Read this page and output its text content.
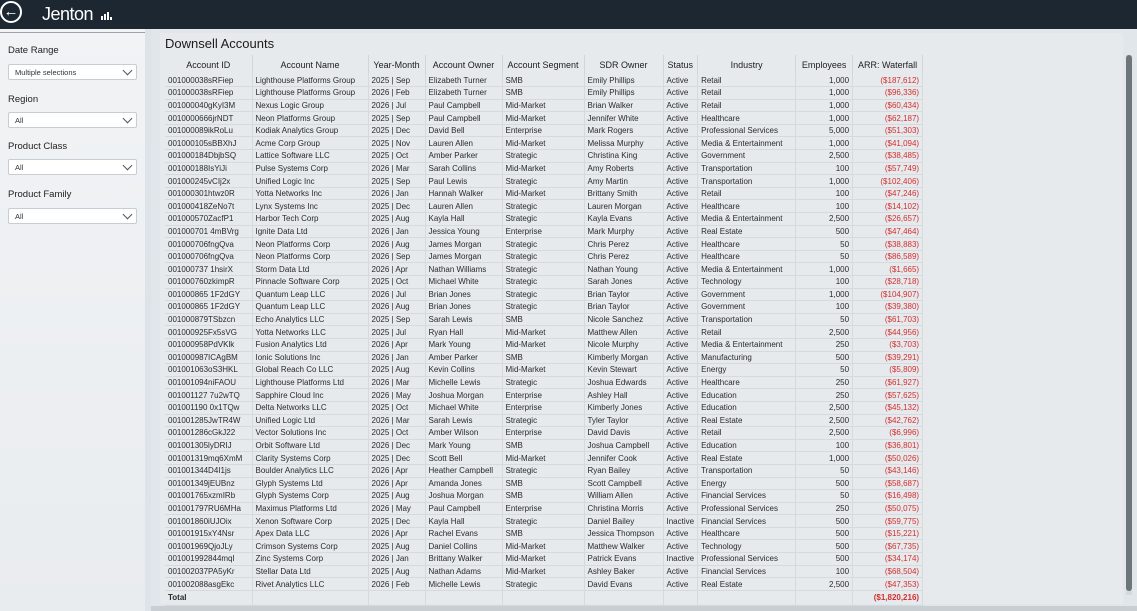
← Jenton
Date Range
Multiple selections
Region
All
Product Class
All
Product Family
All
Downsell Accounts
Account ID	Account Name	Year-Month	Account Owner	Account Segment	SDR Owner	Status	Industry	Employees	ARR: Waterfall
001000038sRFiep	Lighthouse Platforms Group	2025 | Sep	Elizabeth Turner	SMB	Emily Phillips	Active	Retail	1,000	($187,612)
001000038sRFiep	Lighthouse Platforms Group	2026 | Feb	Elizabeth Turner	SMB	Emily Phillips	Active	Retail	1,000	($96,336)
001000040gKyI3M	Nexus Logic Group	2026 | Jul	Paul Campbell	Mid-Market	Brian Walker	Active	Retail	1,000	($60,434)
0010000666jrNDT	Neon Platforms Group	2025 | Sep	Paul Campbell	Mid-Market	Jennifer White	Active	Healthcare	1,000	($62,187)
001000089ikRoLu	Kodiak Analytics Group	2025 | Dec	David Bell	Enterprise	Mark Rogers	Active	Professional Services	5,000	($51,303)
001000105sBBXhJ	Acme Corp Group	2025 | Nov	Lauren Allen	Mid-Market	Melissa Murphy	Active	Media & Entertainment	1,000	($41,094)
001000184DbjbSQ	Lattice Software LLC	2025 | Oct	Amber Parker	Strategic	Christina King	Active	Government	2,500	($38,485)
001000188IsYiJi	Pulse Systems Corp	2026 | Mar	Sarah Collins	Mid-Market	Amy Roberts	Active	Transportation	100	($57,749)
001000245vCIj2x	Unified Logic Inc	2025 | Sep	Paul Lewis	Strategic	Amy Martin	Active	Transportation	1,000	($102,406)
001000301htwz0R	Yotta Networks Inc	2026 | Jan	Hannah Walker	Mid-Market	Brittany Smith	Active	Retail	100	($47,246)
001000418ZeNo7t	Lynx Systems Inc	2025 | Dec	Lauren Allen	Strategic	Lauren Morgan	Active	Healthcare	100	($14,102)
001000570ZacfP1	Harbor Tech Corp	2025 | Aug	Kayla Hall	Strategic	Kayla Evans	Active	Media & Entertainment	2,500	($26,657)
001000701 4mBVrg	Ignite Data Ltd	2026 | Jan	Jessica Young	Enterprise	Mark Murphy	Active	Real Estate	500	($47,464)
001000706fngQva	Neon Platforms Corp	2026 | Aug	James Morgan	Strategic	Chris Perez	Active	Healthcare	50	($38,883)
001000706fngQva	Neon Platforms Corp	2026 | Sep	James Morgan	Strategic	Chris Perez	Active	Healthcare	50	($86,589)
001000737 1hsirX	Storm Data Ltd	2026 | Apr	Nathan Williams	Strategic	Nathan Young	Active	Media & Entertainment	1,000	($1,665)
001000760zkimpR	Pinnacle Software Corp	2025 | Oct	Michael White	Strategic	Sarah Jones	Active	Technology	100	($28,718)
001000865 1F2dGY	Quantum Leap LLC	2026 | Jul	Brian Jones	Strategic	Brian Taylor	Active	Government	1,000	($104,907)
001000865 1F2dGY	Quantum Leap LLC	2026 | Aug	Brian Jones	Strategic	Brian Taylor	Active	Government	100	($39,380)
001000879TSbzcn	Echo Analytics LLC	2025 | Sep	Sarah Lewis	SMB	Nicole Sanchez	Active	Transportation	50	($61,703)
001000925Fx5sVG	Yotta Networks LLC	2025 | Jul	Ryan Hall	Mid-Market	Matthew Allen	Active	Retail	2,500	($44,956)
001000958PdVKlk	Fusion Analytics Ltd	2026 | Apr	Mark Young	Mid-Market	Nicole Murphy	Active	Media & Entertainment	250	($3,703)
001000987ICAgBM	Ionic Solutions Inc	2026 | Jan	Amber Parker	SMB	Kimberly Morgan	Active	Manufacturing	500	($39,291)
001001063oS3HKL	Global Reach Co LLC	2025 | Aug	Kevin Collins	Mid-Market	Kevin Stewart	Active	Energy	50	($5,809)
001001094niFAOU	Lighthouse Platforms Ltd	2026 | Mar	Michelle Lewis	Strategic	Joshua Edwards	Active	Healthcare	250	($61,927)
001001127 7u2wTQ	Sapphire Cloud Inc	2026 | May	Joshua Morgan	Enterprise	Ashley Hall	Active	Education	250	($57,625)
001001190 0x1TQw	Delta Networks LLC	2025 | Oct	Michael White	Enterprise	Kimberly Jones	Active	Education	2,500	($45,132)
001001285JwTR4W	Unified Logic Ltd	2026 | Mar	Sarah Lewis	Strategic	Tyler Taylor	Active	Real Estate	2,500	($42,762)
001001286cGkJ22	Vector Solutions Inc	2025 | Oct	Amber Wilson	Enterprise	David Davis	Active	Retail	2,500	($6,996)
001001305lyDRIJ	Orbit Software Ltd	2026 | Dec	Mark Young	SMB	Joshua Campbell	Active	Education	100	($36,801)
001001319mq6XmM	Clarity Systems Corp	2025 | Dec	Scott Bell	Mid-Market	Jennifer Cook	Active	Real Estate	1,000	($50,026)
001001344D4I1js	Boulder Analytics LLC	2026 | Apr	Heather Campbell	Strategic	Ryan Bailey	Active	Transportation	50	($43,146)
001001349jEUBnz	Glyph Systems Ltd	2026 | Apr	Amanda Jones	SMB	Scott Campbell	Active	Energy	500	($58,687)
001001765xzmIRb	Glyph Systems Corp	2025 | Aug	Joshua Morgan	SMB	William Allen	Active	Financial Services	50	($16,498)
001001797RU6MHa	Maximus Platforms Ltd	2026 | May	Paul Campbell	Enterprise	Christina Morris	Active	Professional Services	250	($50,075)
001001860iUJOix	Xenon Software Corp	2025 | Dec	Kayla Hall	Strategic	Daniel Bailey	Inactive	Financial Services	500	($59,775)
001001915xY4Nsr	Apex Data LLC	2026 | Apr	Rachel Evans	SMB	Jessica Thompson	Active	Healthcare	500	($15,221)
001001969QjoJLy	Crimson Systems Corp	2025 | Aug	Daniel Collins	Mid-Market	Matthew Walker	Active	Technology	500	($67,735)
001001992844mqI	Zinc Systems Corp	2026 | Jan	Brittany Walker	Mid-Market	Patrick Evans	Inactive	Professional Services	500	($34,174)
001002037PA5yKr	Stellar Data Ltd	2025 | Aug	Nathan Adams	Mid-Market	Ashley Baker	Active	Financial Services	100	($68,504)
001002088asgEkc	Rivet Analytics LLC	2026 | Feb	Michelle Lewis	Strategic	David Evans	Active	Real Estate	2,500	($47,353)
Total									($1,820,216)
